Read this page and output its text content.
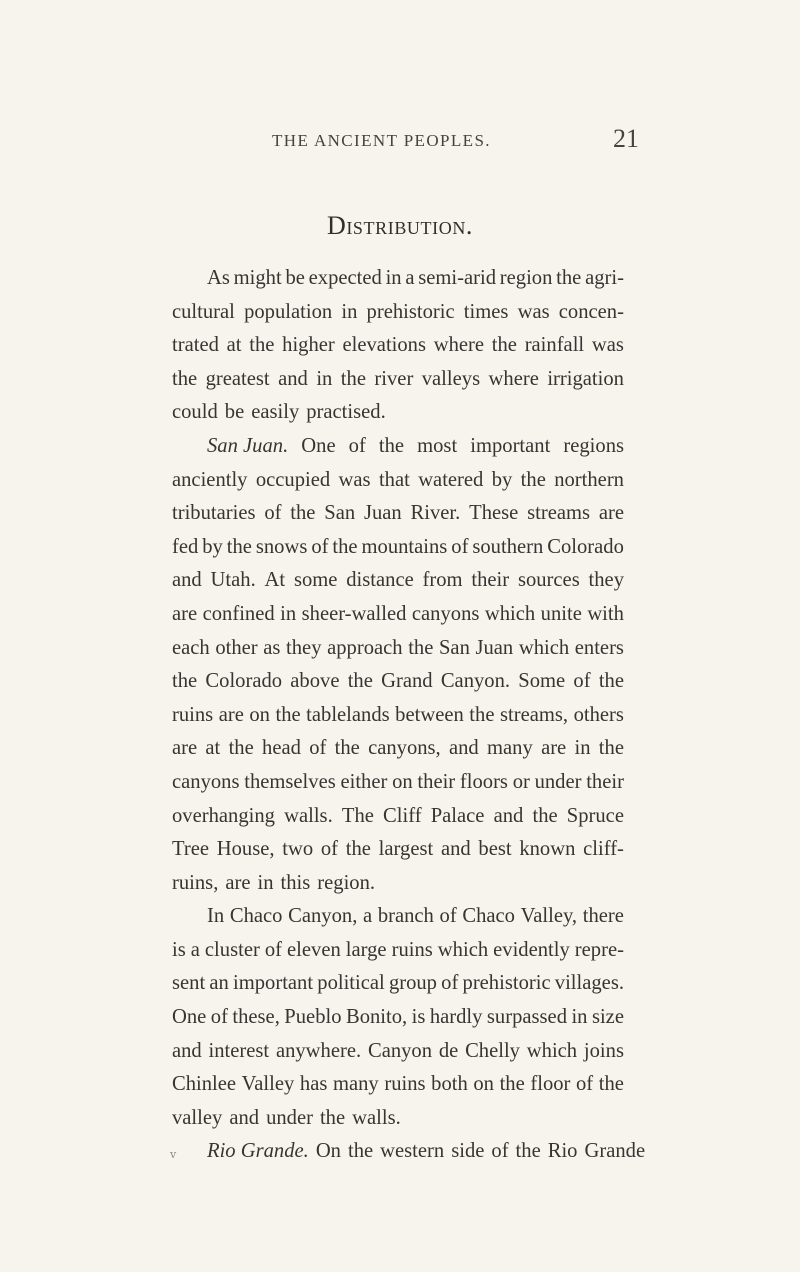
THE ANCIENT PEOPLES.	21
Distribution.
As might be expected in a semi-arid region the agri-
cultural population in prehistoric times was concen-
trated at the higher elevations where the rainfall was
the greatest and in the river valleys where irrigation
could be easily practised.
San Juan. One of the most important regions
anciently occupied was that watered by the northern
tributaries of the San Juan River. These streams are
fed by the snows of the mountains of southern Colorado
and Utah. At some distance from their sources they
are confined in sheer-walled canyons which unite with
each other as they approach the San Juan which enters
the Colorado above the Grand Canyon. Some of the
ruins are on the tablelands between the streams, others
are at the head of the canyons, and many are in the
canyons themselves either on their floors or under their
overhanging walls. The Cliff Palace and the Spruce
Tree House, two of the largest and best known cliff-
ruins, are in this region.
In Chaco Canyon, a branch of Chaco Valley, there
is a cluster of eleven large ruins which evidently repre-
sent an important political group of prehistoric villages.
One of these, Pueblo Bonito, is hardly surpassed in size
and interest anywhere. Canyon de Chelly which joins
Chinlee Valley has many ruins both on the floor of the
valley and under the walls.
Rio Grande. On the western side of the Rio Grande
v
